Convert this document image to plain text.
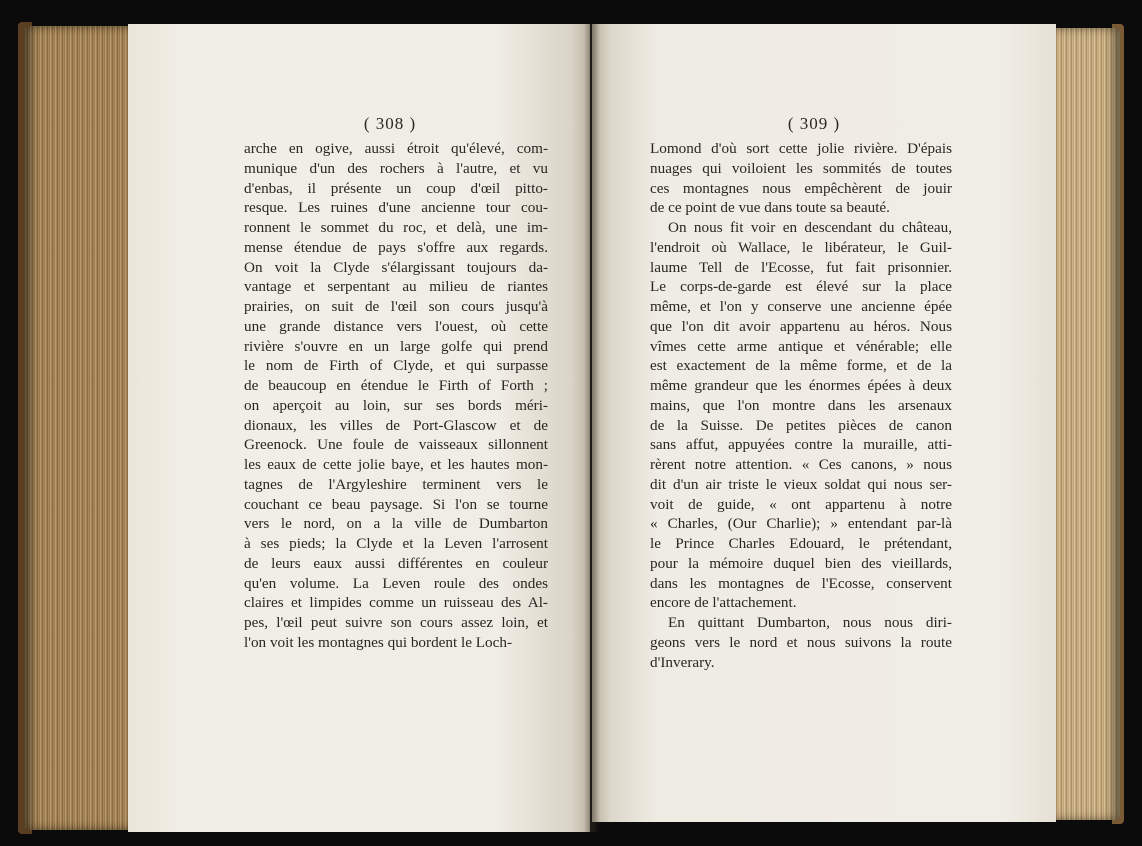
( 308 )
arche en ogive, aussi étroit qu'élevé, com-
munique d'un des rochers à l'autre, et vu
d'enbas, il présente un coup d'œil pitto-
resque. Les ruines d'une ancienne tour cou-
ronnent le sommet du roc, et delà, une im-
mense étendue de pays s'offre aux regards.
On voit la Clyde s'élargissant toujours da-
vantage et serpentant au milieu de riantes
prairies, on suit de l'œil son cours jusqu'à
une grande distance vers l'ouest, où cette
rivière s'ouvre en un large golfe qui prend
le nom de Firth of Clyde, et qui surpasse
de beaucoup en étendue le Firth of Forth ;
on aperçoit au loin, sur ses bords méri-
dionaux, les villes de Port-Glascow et de
Greenock. Une foule de vaisseaux sillonnent
les eaux de cette jolie baye, et les hautes mon-
tagnes de l'Argyleshire terminent vers le
couchant ce beau paysage. Si l'on se tourne
vers le nord, on a la ville de Dumbarton
à ses pieds; la Clyde et la Leven l'arrosent
de leurs eaux aussi différentes en couleur
qu'en volume. La Leven roule des ondes
claires et limpides comme un ruisseau des Al-
pes, l'œil peut suivre son cours assez loin, et
l'on voit les montagnes qui bordent le Loch-
( 309 )
Lomond d'où sort cette jolie rivière. D'épais
nuages qui voiloient les sommités de toutes
ces montagnes nous empêchèrent de jouir
de ce point de vue dans toute sa beauté.
On nous fit voir en descendant du château,
l'endroit où Wallace, le libérateur, le Guil-
laume Tell de l'Ecosse, fut fait prisonnier.
Le corps-de-garde est élevé sur la place
même, et l'on y conserve une ancienne épée
que l'on dit avoir appartenu au héros. Nous
vîmes cette arme antique et vénérable; elle
est exactement de la même forme, et de la
même grandeur que les énormes épées à deux
mains, que l'on montre dans les arsenaux
de la Suisse. De petites pièces de canon
sans affut, appuyées contre la muraille, atti-
rèrent notre attention. « Ces canons, » nous
dit d'un air triste le vieux soldat qui nous ser-
voit de guide, « ont appartenu à notre
« Charles, (Our Charlie); » entendant par-là
le Prince Charles Edouard, le prétendant,
pour la mémoire duquel bien des vieillards,
dans les montagnes de l'Ecosse, conservent
encore de l'attachement.
En quittant Dumbarton, nous nous diri-
geons vers le nord et nous suivons la route
d'Inverary.
